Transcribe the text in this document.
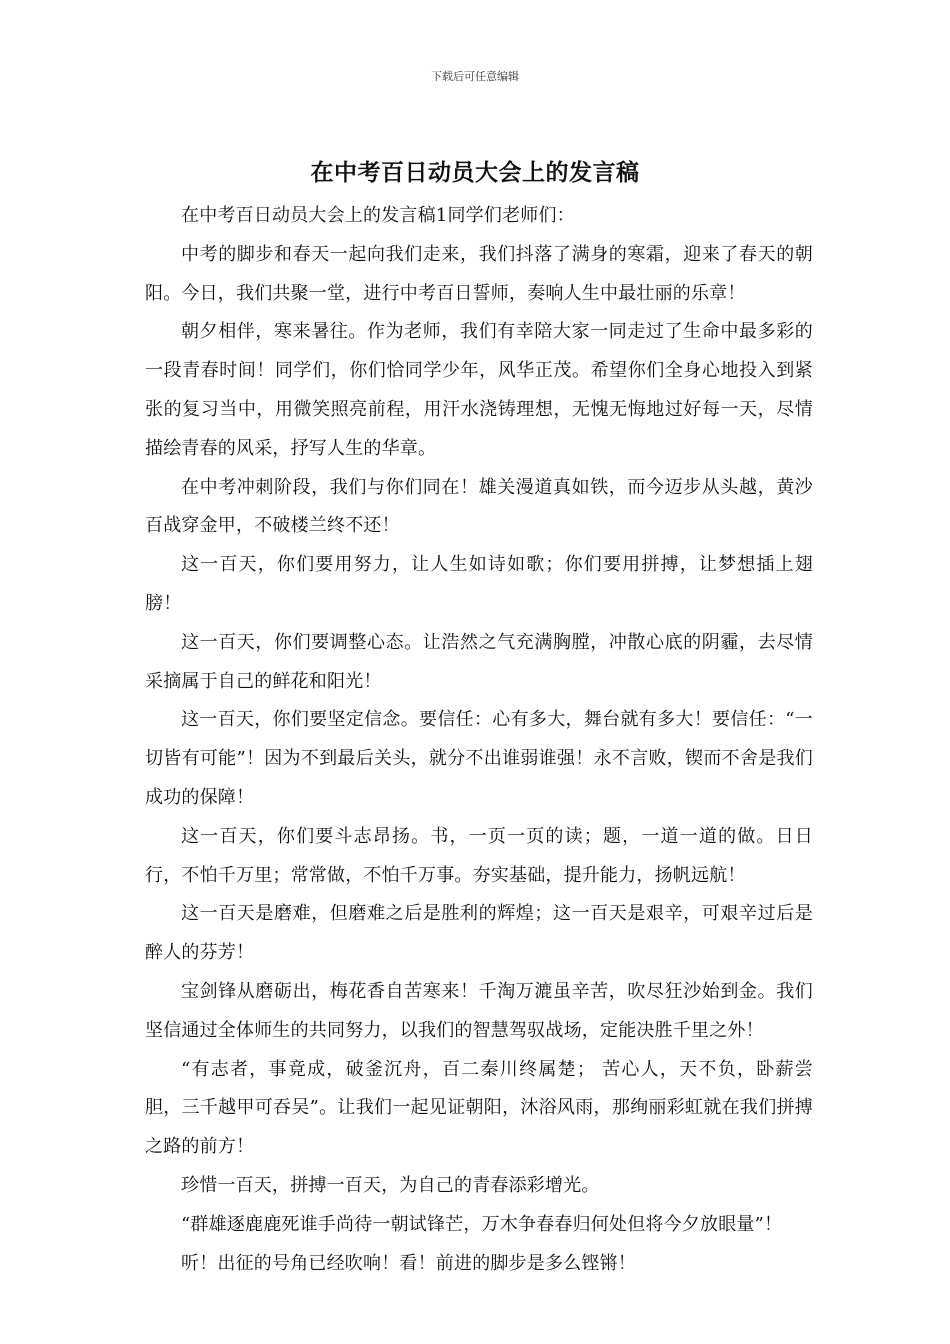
下载后可任意编辑
在中考百日动员大会上的发言稿

在中考百日动员大会上的发言稿1同学们老师们：

中考的脚步和春天一起向我们走来，我们抖落了满身的寒霜，迎来了春天的朝阳。今日，我们共聚一堂，进行中考百日誓师，奏响人生中最壮丽的乐章！

朝夕相伴，寒来暑往。作为老师，我们有幸陪大家一同走过了生命中最多彩的一段青春时间！同学们，你们恰同学少年，风华正茂。希望你们全身心地投入到紧张的复习当中，用微笑照亮前程，用汗水浇铸理想，无愧无悔地过好每一天，尽情描绘青春的风采，抒写人生的华章。

在中考冲刺阶段，我们与你们同在！雄关漫道真如铁，而今迈步从头越，黄沙百战穿金甲，不破楼兰终不还！

这一百天，你们要用努力，让人生如诗如歌；你们要用拼搏，让梦想插上翅膀！

这一百天，你们要调整心态。让浩然之气充满胸膛，冲散心底的阴霾，去尽情采摘属于自己的鲜花和阳光！

这一百天，你们要坚定信念。要信任：心有多大，舞台就有多大！要信任：“一切皆有可能”！因为不到最后关头，就分不出谁弱谁强！永不言败，锲而不舍是我们成功的保障！

这一百天，你们要斗志昂扬。书，一页一页的读；题，一道一道的做。日日行，不怕千万里；常常做，不怕千万事。夯实基础，提升能力，扬帆远航！

这一百天是磨难，但磨难之后是胜利的辉煌；这一百天是艰辛，可艰辛过后是醉人的芬芳！

宝剑锋从磨砺出，梅花香自苦寒来！千淘万漉虽辛苦，吹尽狂沙始到金。我们坚信通过全体师生的共同努力，以我们的智慧驾驭战场，定能决胜千里之外！

“有志者，事竟成，破釜沉舟，百二秦川终属楚； 苦心人，天不负，卧薪尝胆，三千越甲可吞吴”。让我们一起见证朝阳，沐浴风雨，那绚丽彩虹就在我们拼搏之路的前方！

珍惜一百天，拼搏一百天，为自己的青春添彩增光。

“群雄逐鹿鹿死谁手尚待一朝试锋芒，万木争春春归何处但将今夕放眼量”！

听！出征的号角已经吹响！看！前进的脚步是多么铿锵！
